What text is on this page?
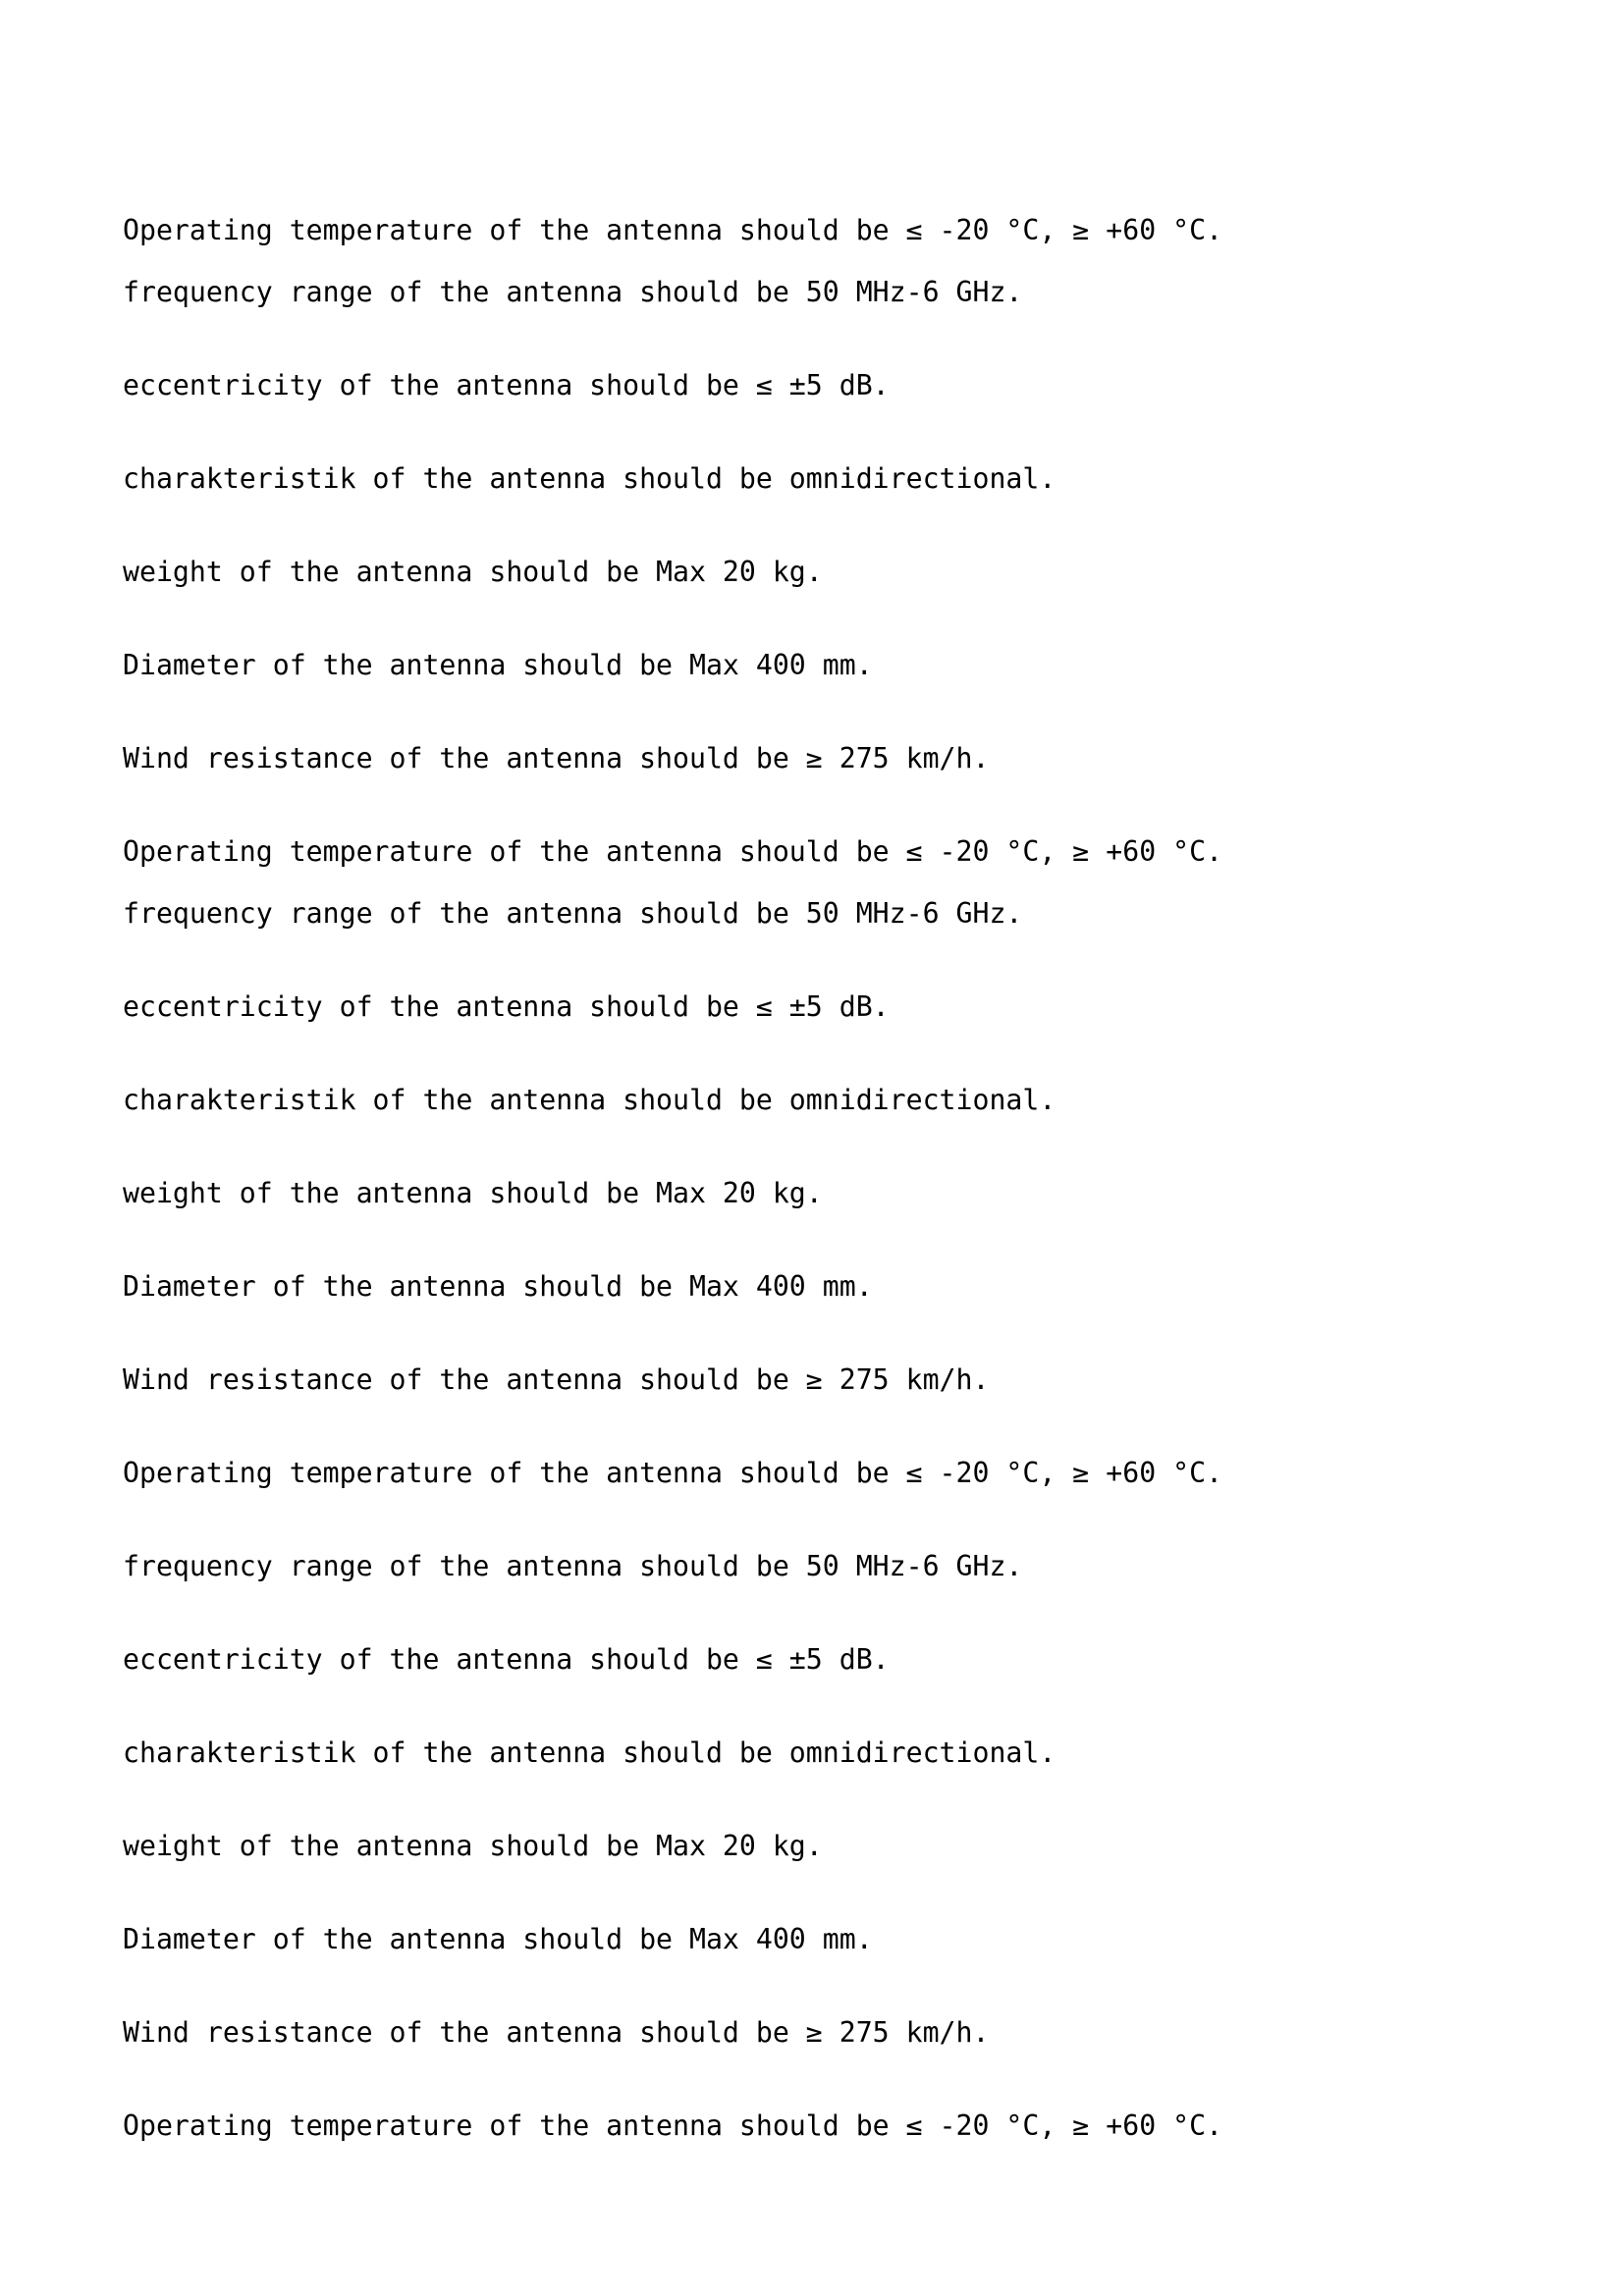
Operating temperature of the antenna should be ≤ -20 °C, ≥ +60 °C.
frequency range of the antenna should be 50 MHz-6 GHz.
eccentricity of the antenna should be ≤ ±5 dB.
charakteristik of the antenna should be omnidirectional.
weight of the antenna should be Max 20 kg.
Diameter of the antenna should be Max 400 mm.
Wind resistance of the antenna should be ≥ 275 km/h.
Operating temperature of the antenna should be ≤ -20 °C, ≥ +60 °C.
frequency range of the antenna should be 50 MHz-6 GHz.
eccentricity of the antenna should be ≤ ±5 dB.
charakteristik of the antenna should be omnidirectional.
weight of the antenna should be Max 20 kg.
Diameter of the antenna should be Max 400 mm.
Wind resistance of the antenna should be ≥ 275 km/h.
Operating temperature of the antenna should be ≤ -20 °C, ≥ +60 °C.
frequency range of the antenna should be 50 MHz-6 GHz.
eccentricity of the antenna should be ≤ ±5 dB.
charakteristik of the antenna should be omnidirectional.
weight of the antenna should be Max 20 kg.
Diameter of the antenna should be Max 400 mm.
Wind resistance of the antenna should be ≥ 275 km/h.
Operating temperature of the antenna should be ≤ -20 °C, ≥ +60 °C.
